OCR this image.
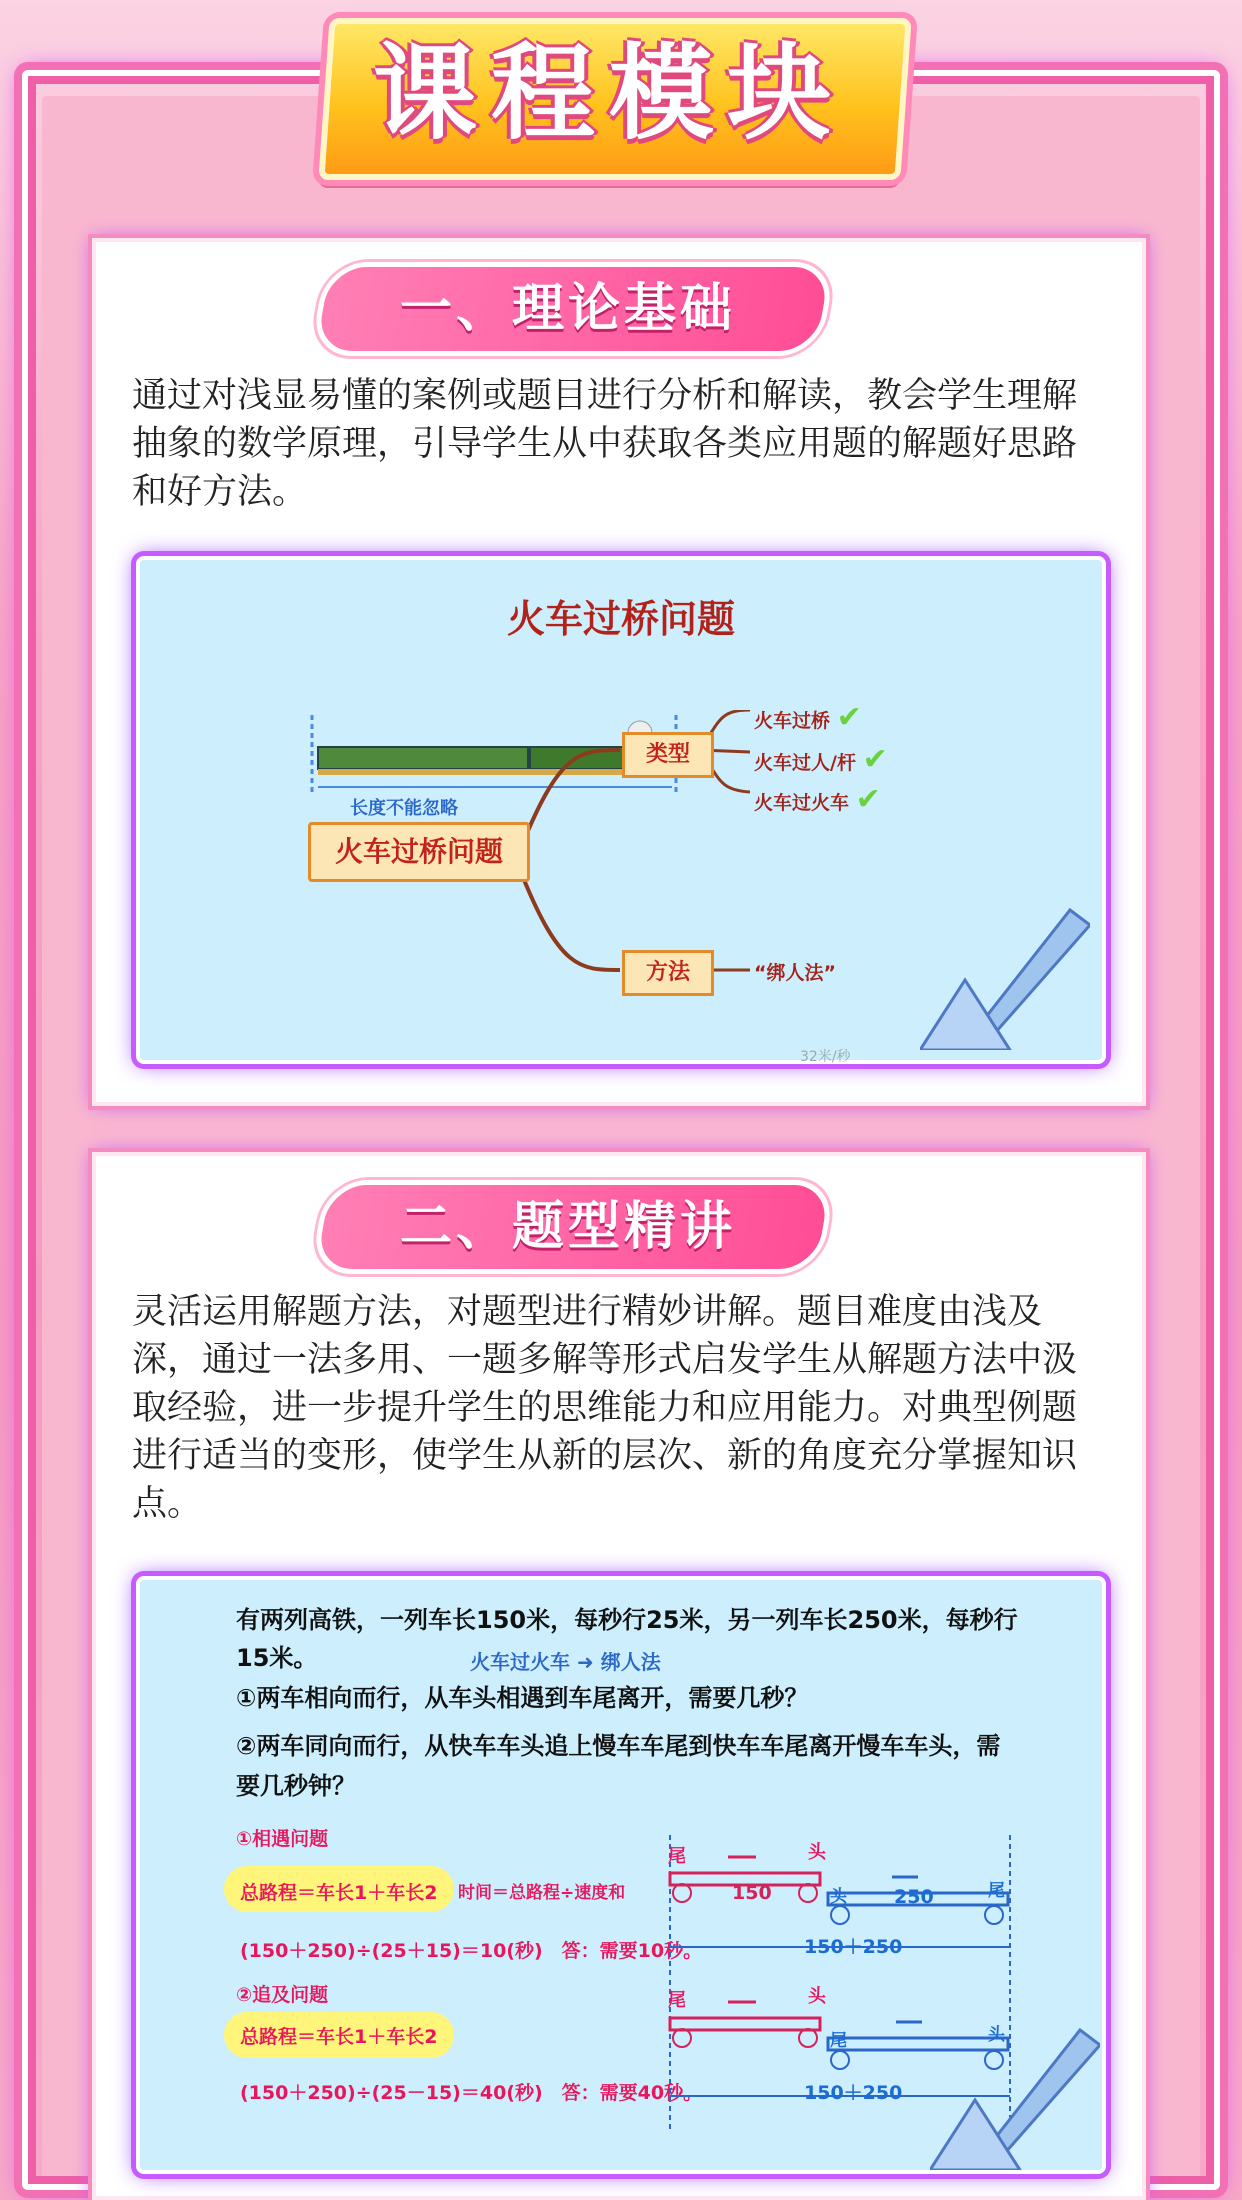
课程模块
一、理论基础
通过对浅显易懂的案例或题目进行分析和解读，教会学生理解抽象的数学原理，引导学生从中获取各类应用题的解题好思路和好方法。
火车过桥问题
长度不能忽略
火车过桥问题
类型
方法
火车过桥 ✔
火车过人/杆 ✔
火车过火车 ✔
“绑人法”
32米/秒
二、题型精讲
灵活运用解题方法，对题型进行精妙讲解。题目难度由浅及深，通过一法多用、一题多解等形式启发学生从解题方法中汲取经验，进一步提升学生的思维能力和应用能力。对典型例题进行适当的变形，使学生从新的层次、新的角度充分掌握知识点。
有两列高铁，一列车长150米，每秒行25米，另一列车长250米，每秒行
15米。	火车过火车 ➜ 绑人法
①两车相向而行，从车头相遇到车尾离开，需要几秒？
②两车同向而行，从快车车头追上慢车车尾到快车车尾离开慢车车头，需
要几秒钟？
①相遇问题
总路程＝车长1＋车长2 时间＝总路程÷速度和
(150＋250)÷(25＋15)＝10(秒)　答：需要10秒。
②追及问题
总路程＝车长1＋车长2
(150＋250)÷(25－15)＝40(秒)　答：需要40秒。
尾	头
150	头 250	尾
150＋250
尾	头
尾	头
150＋250
